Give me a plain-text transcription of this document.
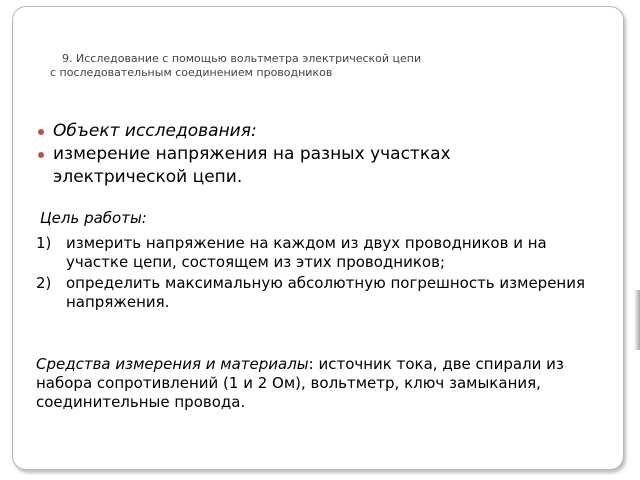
9. Исследование с помощью вольтметра электрической цепи
с последовательным соединением проводников
Объект исследования:
измерение напряжения на разных участках электрической цепи.
Цель работы:
1) измерить напряжение на каждом из двух проводников и на участке цепи, состоящем из этих проводников;
2) определить максимальную абсолютную погрешность измерения напряжения.
Средства измерения и материалы: источник тока, две спирали из набора сопротивлений (1 и 2 Ом), вольтметр, ключ замыкания, соединительные провода.
